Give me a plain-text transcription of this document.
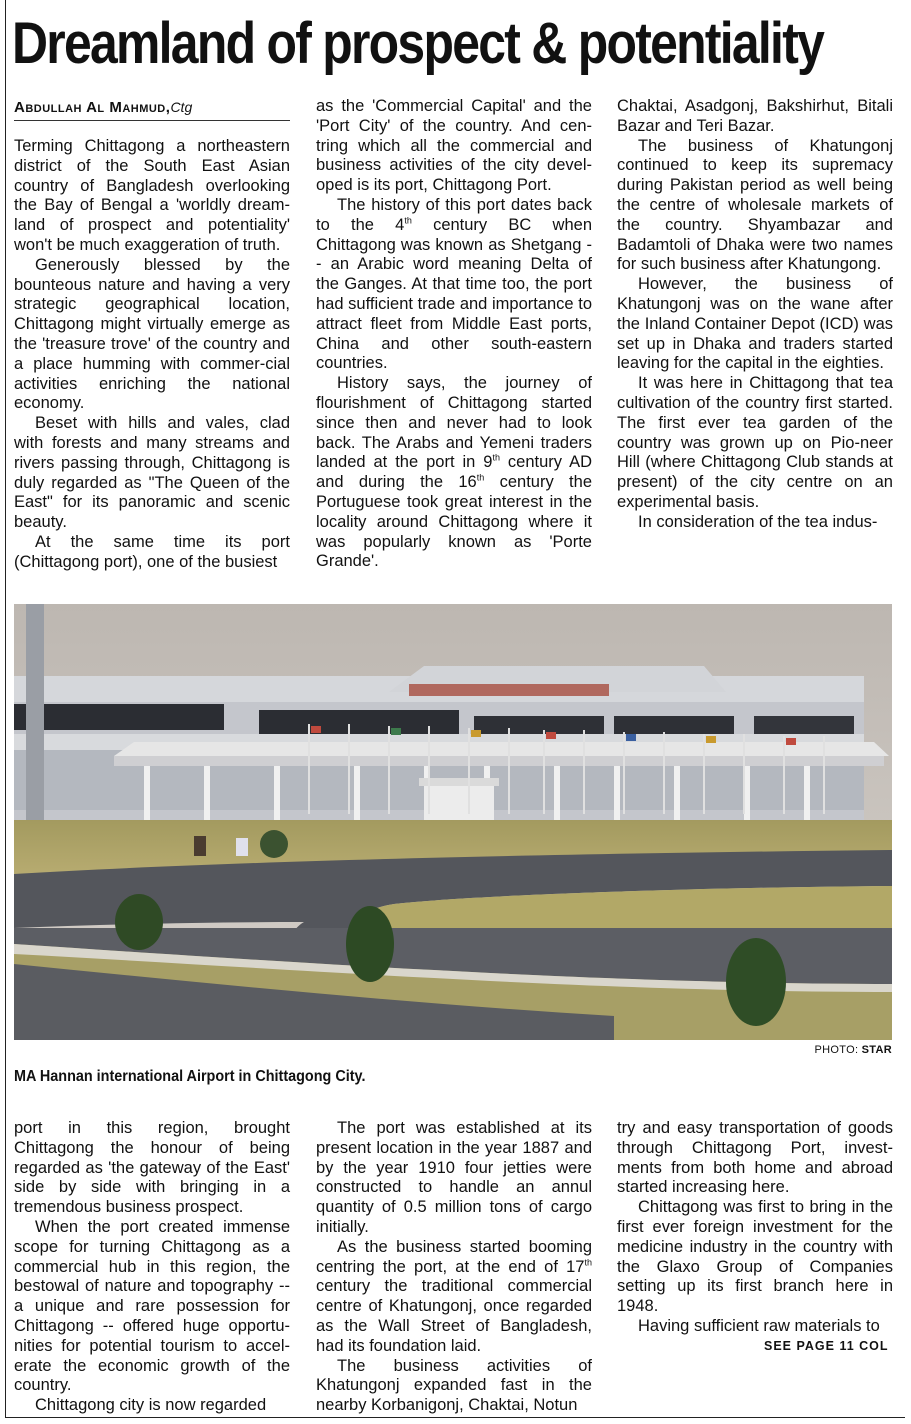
Dreamland of prospect & potentiality
Abdullah Al Mahmud,Ctg

Terming Chittagong a northeastern district of the South East Asian country of Bangladesh overlooking the Bay of Bengal a 'worldly dream-land of prospect and potentiality' won't be much exaggeration of truth.

Generously blessed by the bounteous nature and having a very strategic geographical location, Chittagong might virtually emerge as the 'treasure trove' of the country and a place humming with commer-cial activities enriching the national economy.

Beset with hills and vales, clad with forests and many streams and rivers passing through, Chittagong is duly regarded as "The Queen of the East" for its panoramic and scenic beauty.

At the same time its port (Chittagong port), one of the busiest

as the 'Commercial Capital' and the 'Port City' of the country. And cen-tring which all the commercial and business activities of the city devel-oped is its port, Chittagong Port.

The history of this port dates back to the 4th century BC when Chittagong was known as Shetgang -- an Arabic word meaning Delta of the Ganges. At that time too, the port had sufficient trade and importance to attract fleet from Middle East ports, China and other south-eastern countries.

History says, the journey of flourishment of Chittagong started since then and never had to look back. The Arabs and Yemeni traders landed at the port in 9th century AD and during the 16th century the Portuguese took great interest in the locality around Chittagong where it was popularly known as 'Porte Grande'.

Chaktai, Asadgonj, Bakshirhut, Bitali Bazar and Teri Bazar.

The business of Khatungonj continued to keep its supremacy during Pakistan period as well being the centre of wholesale markets of the country. Shyambazar and Badamtoli of Dhaka were two names for such business after Khatungong.

However, the business of Khatungonj was on the wane after the Inland Container Depot (ICD) was set up in Dhaka and traders started leaving for the capital in the eighties.

It was here in Chittagong that tea cultivation of the country first started. The first ever tea garden of the country was grown up on Pio-neer Hill (where Chittagong Club stands at present) of the city centre on an experimental basis.

In consideration of the tea indus-

PHOTO: STAR
MA Hannan international Airport in Chittagong City.

port in this region, brought Chittagong the honour of being regarded as 'the gateway of the East' side by side with bringing in a tremendous business prospect.

When the port created immense scope for turning Chittagong as a commercial hub in this region, the bestowal of nature and topography -- a unique and rare possession for Chittagong -- offered huge opportu-nities for potential tourism to accel-erate the economic growth of the country.

Chittagong city is now regarded

The port was established at its present location in the year 1887 and by the year 1910 four jetties were constructed to handle an annul quantity of 0.5 million tons of cargo initially.

As the business started booming centring the port, at the end of 17th century the traditional commercial centre of Khatungonj, once regarded as the Wall Street of Bangladesh, had its foundation laid.

The business activities of Khatungonj expanded fast in the nearby Korbanigonj, Chaktai, Notun

try and easy transportation of goods through Chittagong Port, invest-ments from both home and abroad started increasing here.

Chittagong was first to bring in the first ever foreign investment for the medicine industry in the country with the Glaxo Group of Companies setting up its first branch here in 1948.

Having sufficient raw materials to

SEE PAGE 11 COL
